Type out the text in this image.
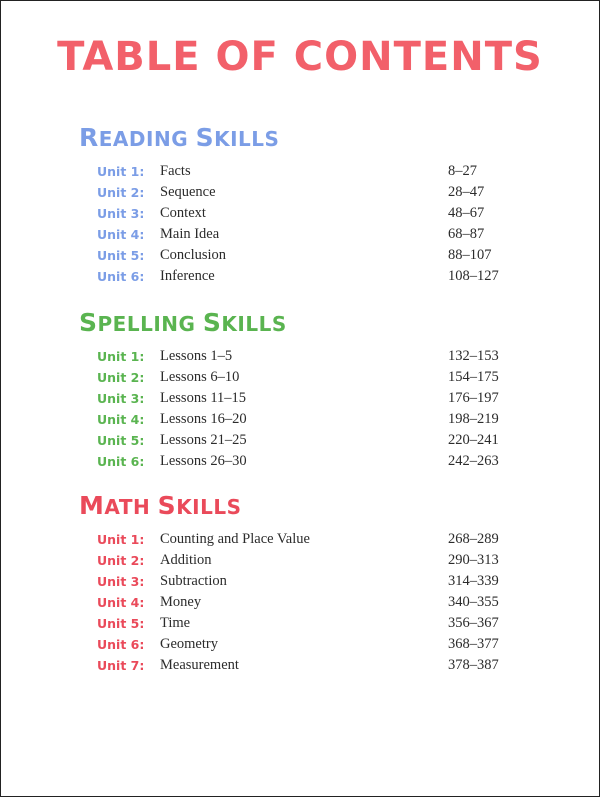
TABLE OF CONTENTS
READING SKILLS
Unit 1: Facts	8–27
Unit 2: Sequence	28–47
Unit 3: Context	48–67
Unit 4: Main Idea	68–87
Unit 5: Conclusion	88–107
Unit 6: Inference	108–127
SPELLING SKILLS
Unit 1: Lessons 1–5	132–153
Unit 2: Lessons 6–10	154–175
Unit 3: Lessons 11–15	176–197
Unit 4: Lessons 16–20	198–219
Unit 5: Lessons 21–25	220–241
Unit 6: Lessons 26–30	242–263
MATH SKILLS
Unit 1: Counting and Place Value	268–289
Unit 2: Addition	290–313
Unit 3: Subtraction	314–339
Unit 4: Money	340–355
Unit 5: Time	356–367
Unit 6: Geometry	368–377
Unit 7: Measurement	378–387
